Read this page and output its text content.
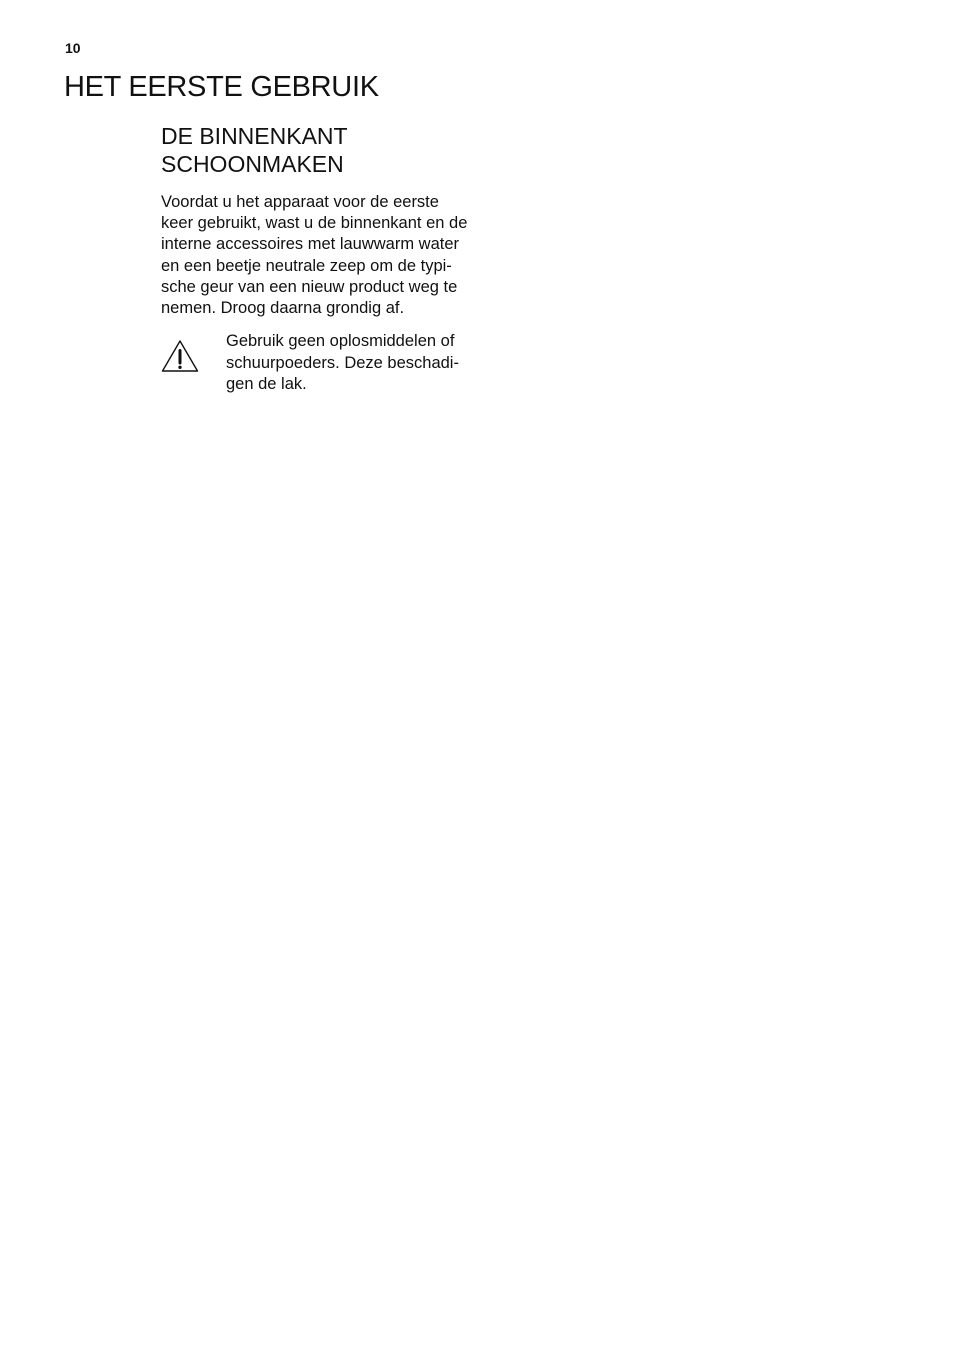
10
HET EERSTE GEBRUIK
DE BINNENKANT
SCHOONMAKEN

Voordat u het apparaat voor de eerste
keer gebruikt, wast u de binnenkant en de
interne accessoires met lauwwarm water
en een beetje neutrale zeep om de typi-
sche geur van een nieuw product weg te
nemen. Droog daarna grondig af.

Gebruik geen oplosmiddelen of
schuurpoeders. Deze beschadi-
gen de lak.
